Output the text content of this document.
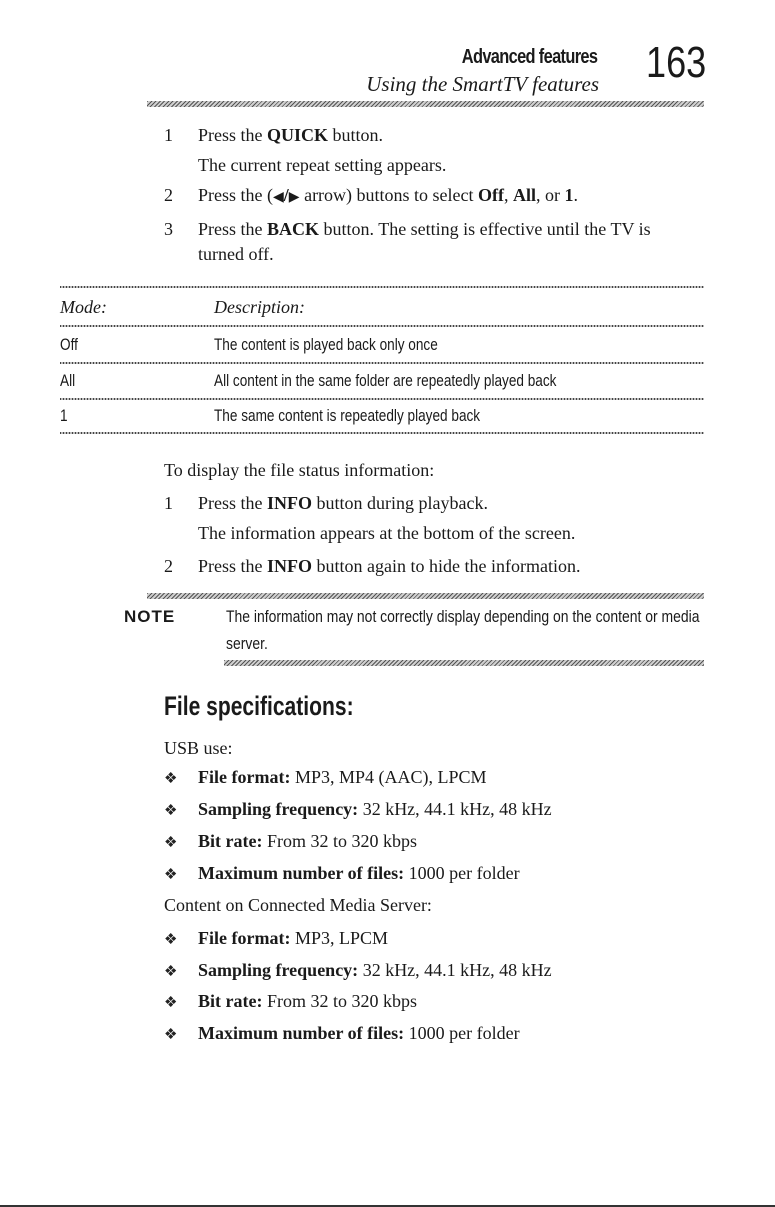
Advanced features
Using the SmartTV features 163
1 Press the QUICK button.
The current repeat setting appears.
2 Press the (◀/▶ arrow) buttons to select Off, All, or 1.
3 Press the BACK button. The setting is effective until the TV is
turned off.
Mode:	Description:
Off	The content is played back only once
All	All content in the same folder are repeatedly played back
1	The same content is repeatedly played back
To display the file status information:
1 Press the INFO button during playback.
The information appears at the bottom of the screen.
2 Press the INFO button again to hide the information.
NOTE	The information may not correctly display depending on the content or media server.
File specifications:
USB use:
❖ File format: MP3, MP4 (AAC), LPCM
❖ Sampling frequency: 32 kHz, 44.1 kHz, 48 kHz
❖ Bit rate: From 32 to 320 kbps
❖ Maximum number of files: 1000 per folder
Content on Connected Media Server:
❖ File format: MP3, LPCM
❖ Sampling frequency: 32 kHz, 44.1 kHz, 48 kHz
❖ Bit rate: From 32 to 320 kbps
❖ Maximum number of files: 1000 per folder
